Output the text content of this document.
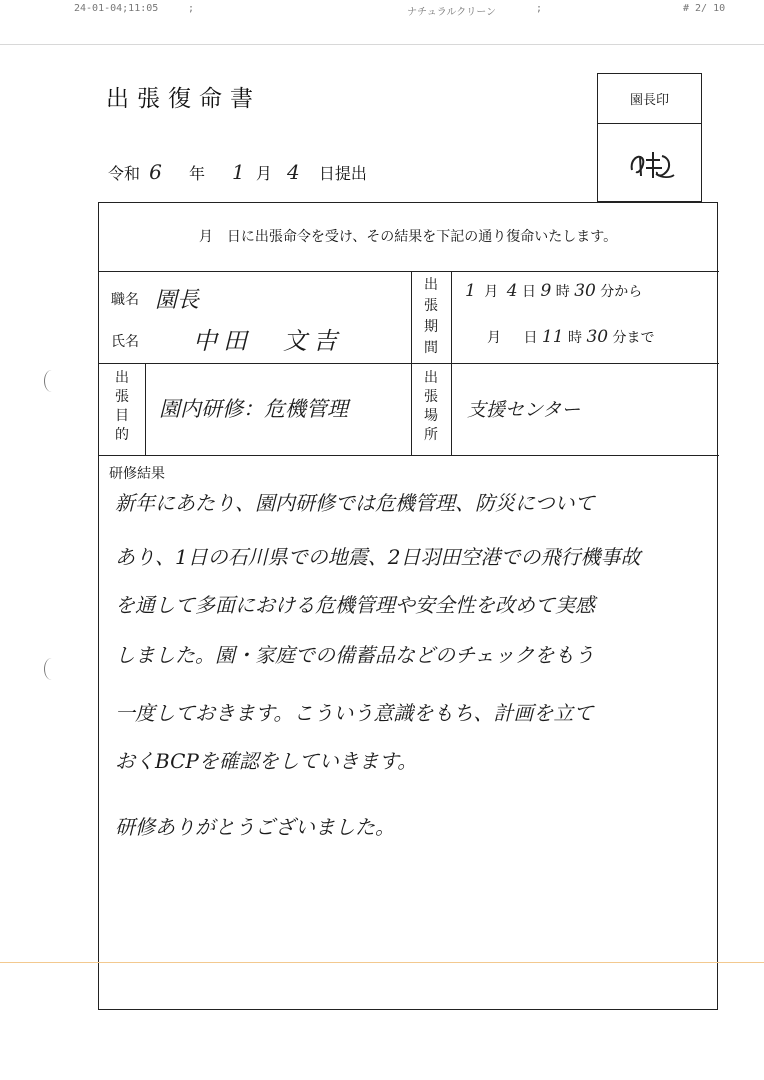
24-01-04;11:05	;	ナチュラルクリーン	;	# 2/ 10
出張復命書	園長印
令和 6 年 1 月 4 日提出
月　日に出張命令を受け、その結果を下記の通り復命いたします。
職名 園長
氏名 中田　文吉
出張期間
1 月 4 日 9 時 30 分から
月 日 11 時 30 分まで
出張目的
園内研修：危機管理
出張場所
支援センター
研修結果
新年にあたり、園内研修では危機管理、防災について
あり、1日の石川県での地震、2日羽田空港での飛行機事故
を通して多面における危機管理や安全性を改めて実感
しました。園・家庭での備蓄品などのチェックをもう
一度しておきます。こういう意識をもち、計画を立て
おくBCPを確認をしていきます。
研修ありがとうございました。
